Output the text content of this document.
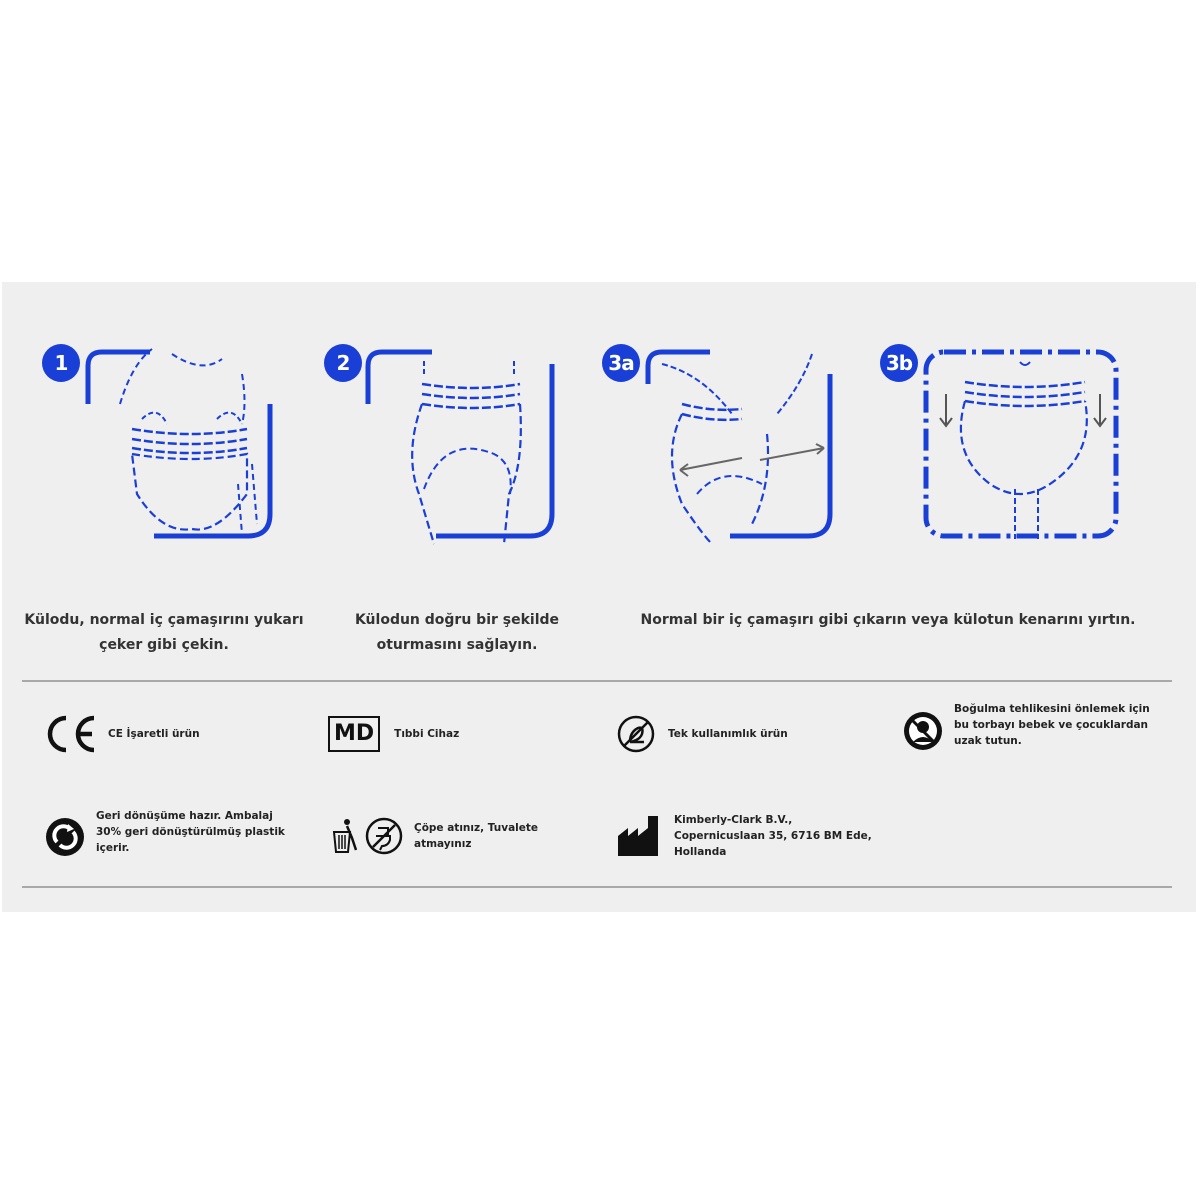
1	2	3a	3b
Külodu, normal iç çamaşırını yukarı çeker gibi çekin.
Külodun doğru bir şekilde oturmasını sağlayın.
Normal bir iç çamaşırı gibi çıkarın veya külotun kenarını yırtın.
CE İşaretli ürün	MD	Tıbbi Cihaz	Tek kullanımlık ürün
Boğulma tehlikesini önlemek için bu torbayı bebek ve çocuklardan uzak tutun.
Geri dönüşüme hazır. Ambalaj 30% geri dönüştürülmüş plastik içerir.
Çöpe atınız, Tuvalete atmayınız
Kimberly-Clark B.V., Copernicuslaan 35, 6716 BM Ede, Hollanda
